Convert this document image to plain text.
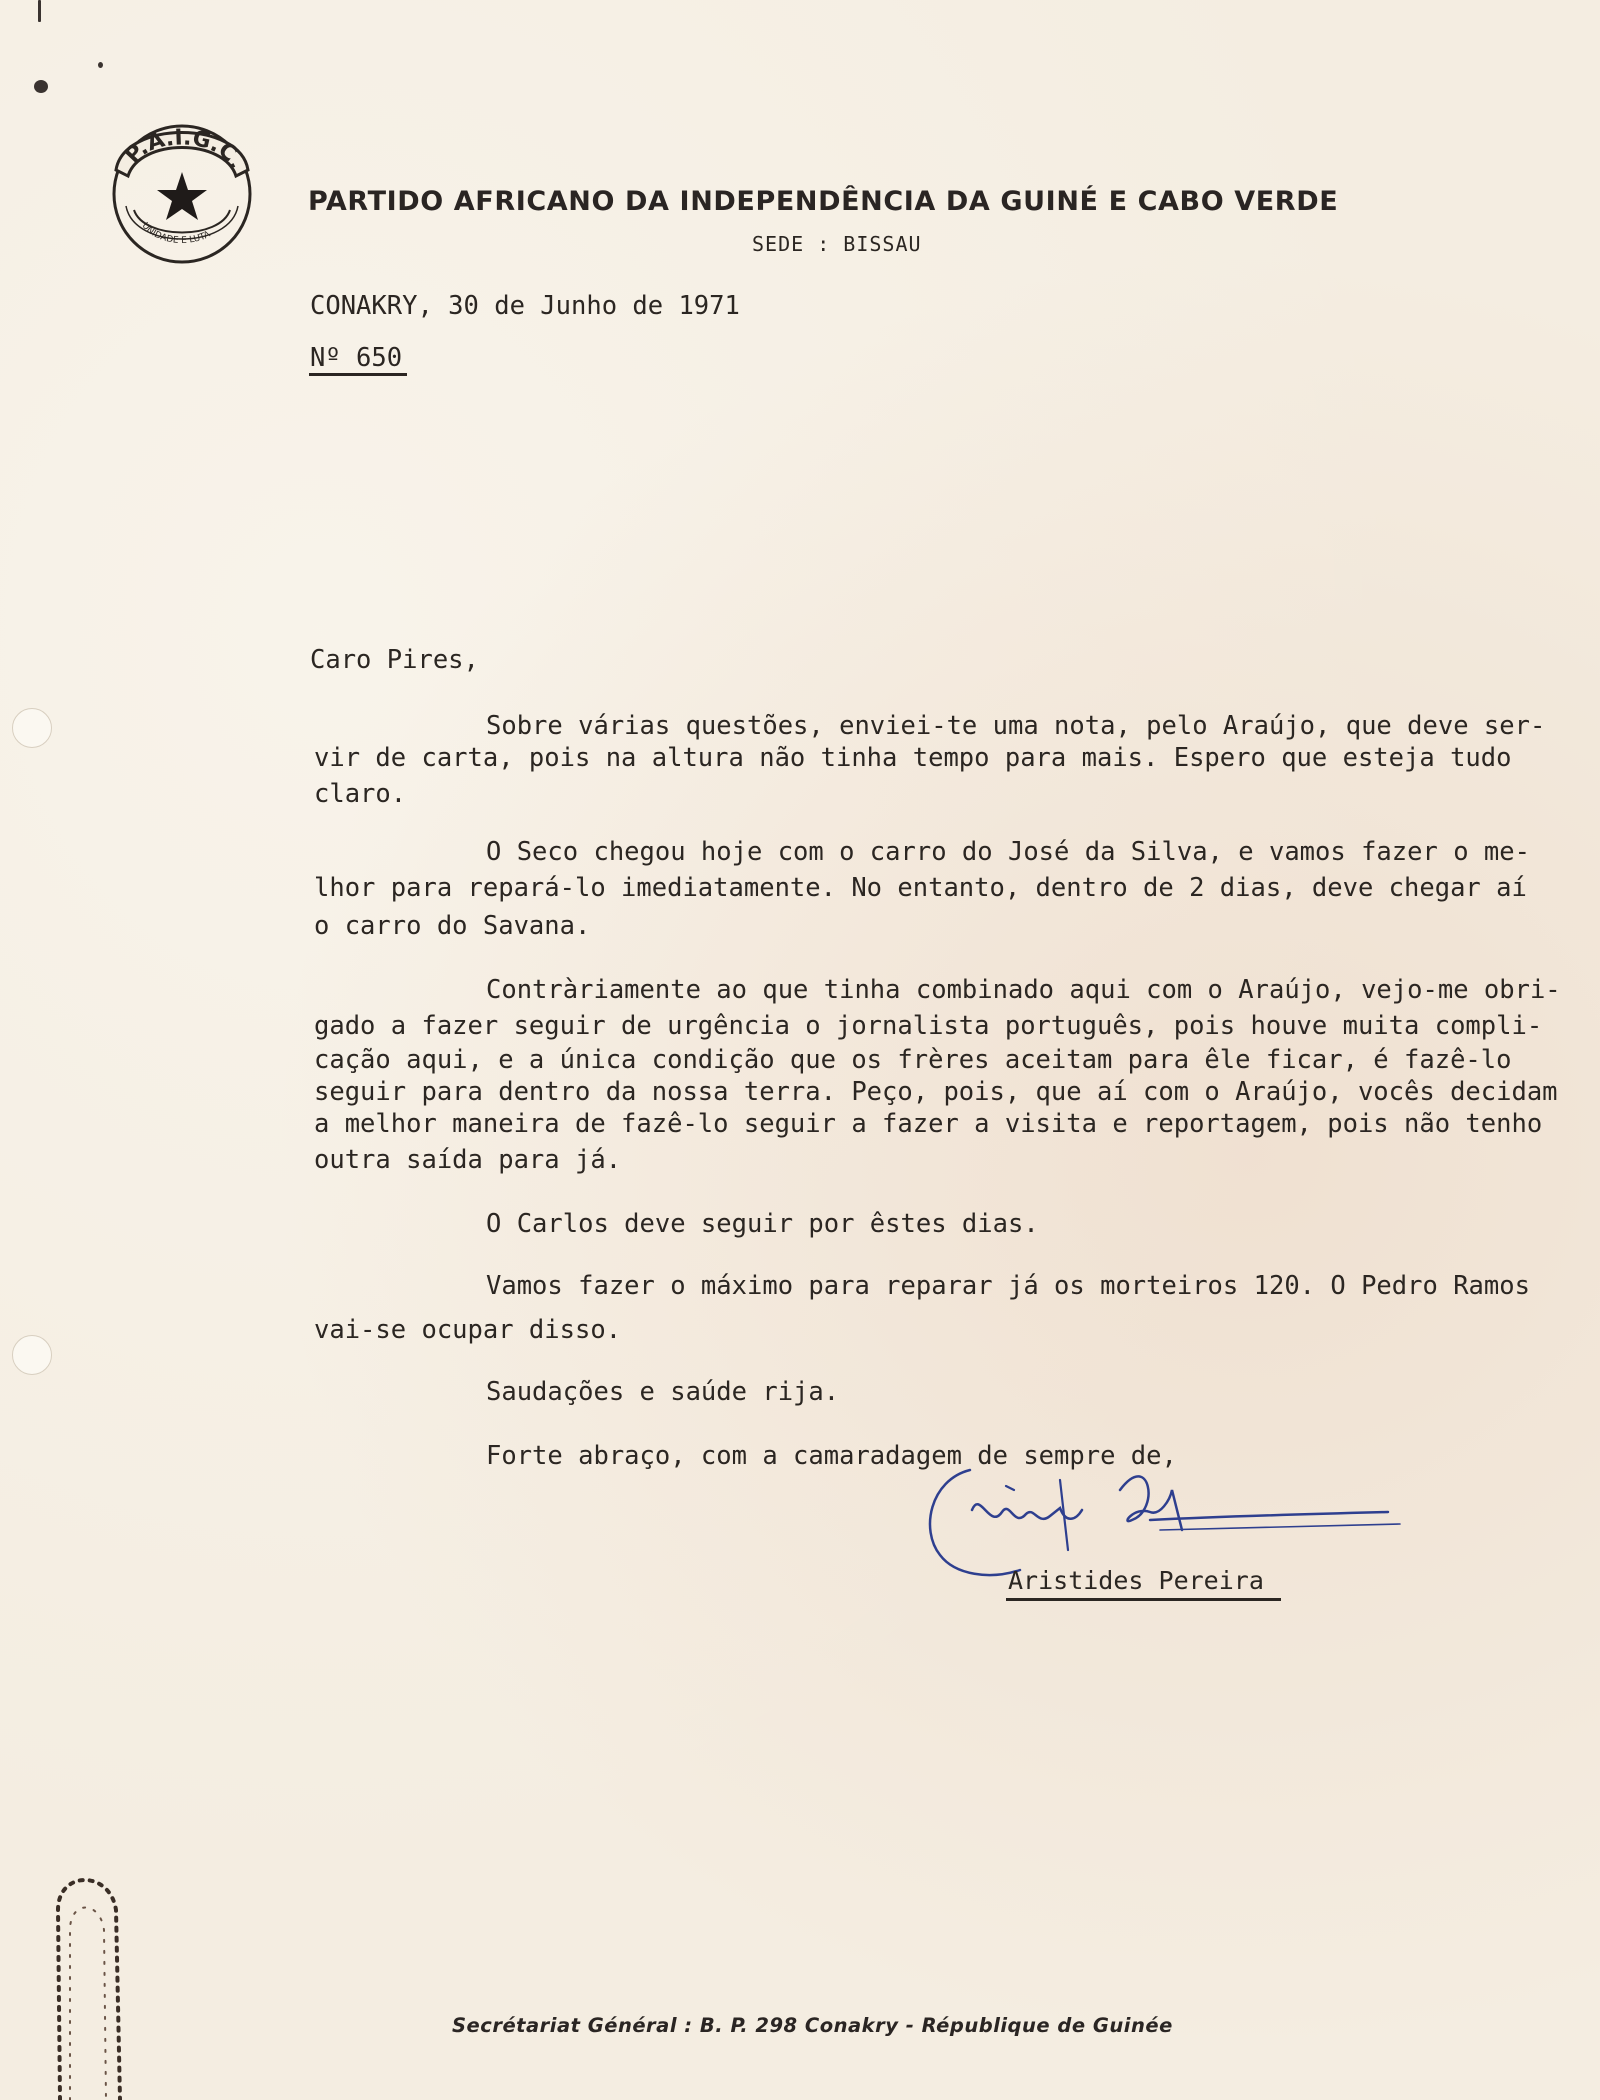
P.A.I.G.C.
UNIDADE E LUTA
PARTIDO AFRICANO DA INDEPENDÊNCIA DA GUINÉ E CABO VERDE
SEDE : BISSAU
CONAKRY, 30 de Junho de 1971
Nº 650
Caro Pires,
Sobre várias questões, enviei-te uma nota, pelo Araújo, que deve ser-
vir de carta, pois na altura não tinha tempo para mais. Espero que esteja tudo
claro.
O Seco chegou hoje com o carro do José da Silva, e vamos fazer o me-
lhor para repará-lo imediatamente. No entanto, dentro de 2 dias, deve chegar aí
o carro do Savana.
Contràriamente ao que tinha combinado aqui com o Araújo, vejo-me obri-
gado a fazer seguir de urgência o jornalista português, pois houve muita compli-
cação aqui, e a única condição que os frères aceitam para êle ficar, é fazê-lo
seguir para dentro da nossa terra. Peço, pois, que aí com o Araújo, vocês decidam
a melhor maneira de fazê-lo seguir a fazer a visita e reportagem, pois não tenho
outra saída para já.
O Carlos deve seguir por êstes dias.
Vamos fazer o máximo para reparar já os morteiros 120. O Pedro Ramos
vai-se ocupar disso.
Saudações e saúde rija.
Forte abraço, com a camaradagem de sempre de,
Aristides Pereira
Secrétariat Général : B. P. 298 Conakry - République de Guinée
